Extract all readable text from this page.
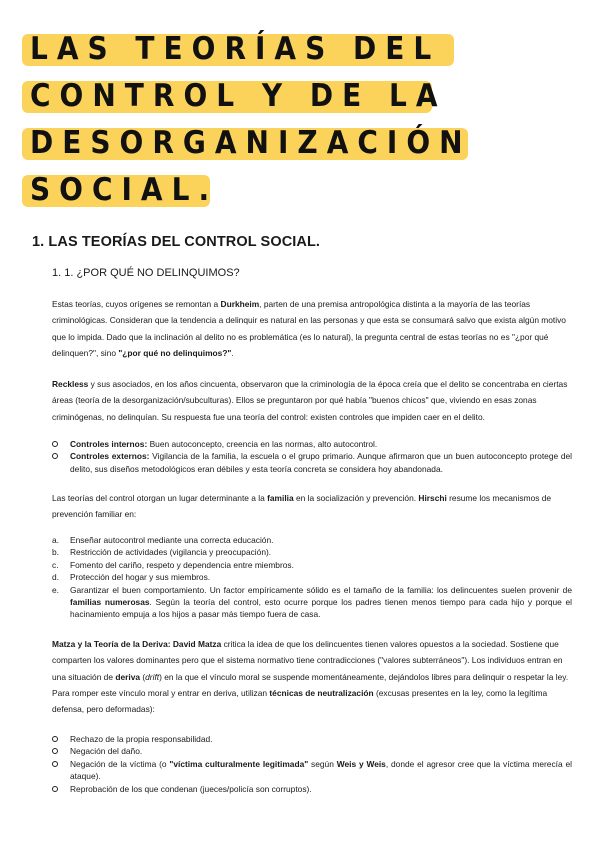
LAS TEORÍAS DEL
CONTROL Y DE LA
DESORGANIZACIÓN
SOCIAL.
1. LAS TEORÍAS DEL CONTROL SOCIAL.
1. 1. ¿POR QUÉ NO DELINQUIMOS?

Estas teorías, cuyos orígenes se remontan a Durkheim, parten de una premisa antropológica distinta a la mayoría de las teorías criminológicas. Consideran que la tendencia a delinquir es natural en las personas y que esta se consumará salvo que exista algún motivo que lo impida. Dado que la inclinación al delito no es problemática (es lo natural), la pregunta central de estas teorías no es "¿por qué delinquen?", sino "¿por qué no delinquimos?".

Reckless y sus asociados, en los años cincuenta, observaron que la criminología de la época creía que el delito se concentraba en ciertas áreas (teoría de la desorganización/subculturas). Ellos se preguntaron por qué había "buenos chicos" que, viviendo en esas zonas criminógenas, no delinquían. Su respuesta fue una teoría del control: existen controles que impiden caer en el delito.

Controles internos: Buen autoconcepto, creencia en las normas, alto autocontrol.
Controles externos: Vigilancia de la familia, la escuela o el grupo primario. Aunque afirmaron que un buen autoconcepto protege del delito, sus diseños metodológicos eran débiles y esta teoría concreta se considera hoy abandonada.

Las teorías del control otorgan un lugar determinante a la familia en la socialización y prevención. Hirschi resume los mecanismos de prevención familiar en:

a. Enseñar autocontrol mediante una correcta educación.
b. Restricción de actividades (vigilancia y preocupación).
c. Fomento del cariño, respeto y dependencia entre miembros.
d. Protección del hogar y sus miembros.
e. Garantizar el buen comportamiento. Un factor empíricamente sólido es el tamaño de la familia: los delincuentes suelen provenir de familias numerosas. Según la teoría del control, esto ocurre porque los padres tienen menos tiempo para cada hijo y porque el hacinamiento empuja a los hijos a pasar más tiempo fuera de casa.

Matza y la Teoría de la Deriva: David Matza critica la idea de que los delincuentes tienen valores opuestos a la sociedad. Sostiene que comparten los valores dominantes pero que el sistema normativo tiene contradicciones ("valores subterráneos"). Los individuos entran en una situación de deriva (drift) en la que el vínculo moral se suspende momentáneamente, dejándolos libres para delinquir o respetar la ley. Para romper este vínculo moral y entrar en deriva, utilizan técnicas de neutralización (excusas presentes en la ley, como la legítima defensa, pero deformadas):

Rechazo de la propia responsabilidad.
Negación del daño.
Negación de la víctima (o "víctima culturalmente legitimada" según Weis y Weis, donde el agresor cree que la víctima merecía el ataque).
Reprobación de los que condenan (jueces/policía son corruptos).
